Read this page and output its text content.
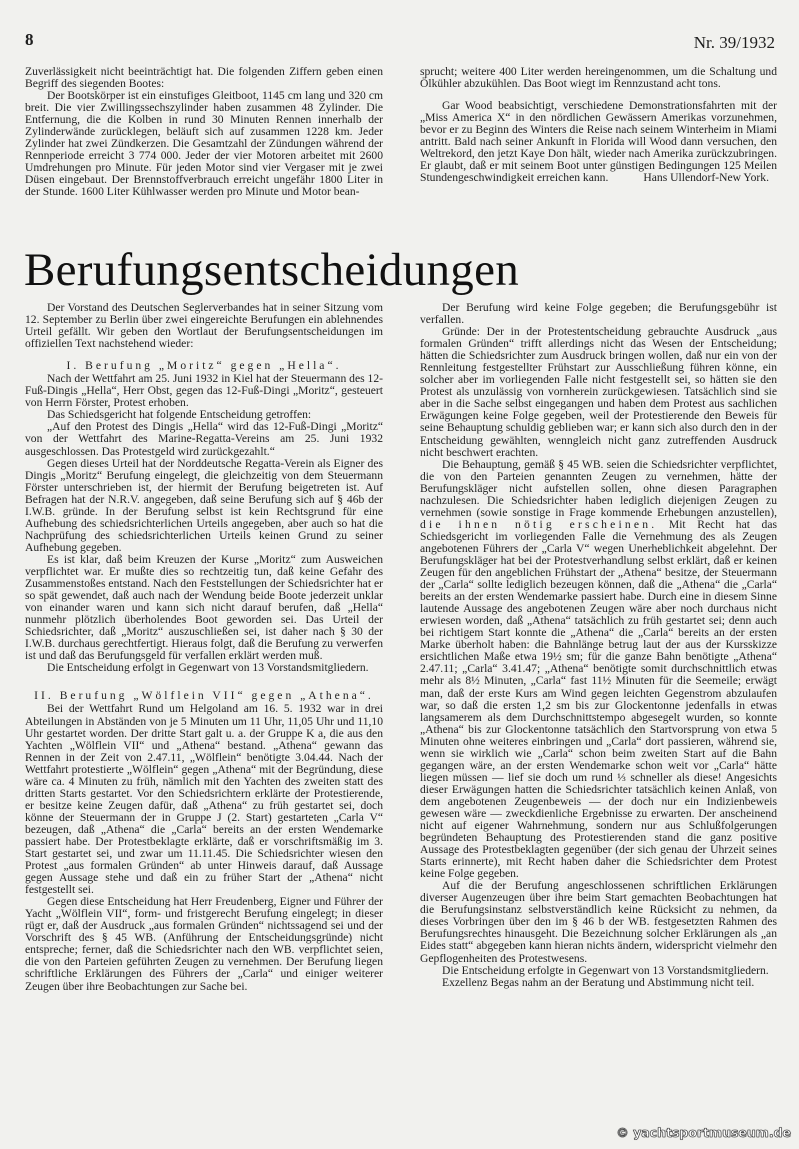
8	Nr. 39/1932

Zuverlässigkeit nicht beeinträchtigt hat. Die folgenden Ziffern geben einen Begriff des siegenden Bootes:

Der Bootskörper ist ein einstufiges Gleitboot, 1145 cm lang und 320 cm breit. Die vier Zwillingssechszylinder haben zusammen 48 Zylinder. Die Entfernung, die die Kolben in rund 30 Minuten Rennen innerhalb der Zylinderwände zurücklegen, beläuft sich auf zusammen 1228 km. Jeder Zylinder hat zwei Zündkerzen. Die Gesamtzahl der Zündungen während der Rennperiode erreicht 3 774 000. Jeder der vier Motoren arbeitet mit 2600 Umdrehungen pro Minute. Für jeden Motor sind vier Vergaser mit je zwei Düsen eingebaut. Der Brennstoffverbrauch erreicht ungefähr 1800 Liter in der Stunde. 1600 Liter Kühlwasser werden pro Minute und Motor bean-

sprucht; weitere 400 Liter werden hereingenommen, um die Schaltung und Ölkühler abzukühlen. Das Boot wiegt im Rennzustand acht tons.

Gar Wood beabsichtigt, verschiedene Demonstrationsfahrten mit der „Miss America X“ in den nördlichen Gewässern Amerikas vorzunehmen, bevor er zu Beginn des Winters die Reise nach seinem Winterheim in Miami antritt. Bald nach seiner Ankunft in Florida will Wood dann versuchen, den Weltrekord, den jetzt Kaye Don hält, wieder nach Amerika zurückzubringen. Er glaubt, daß er mit seinem Boot unter günstigen Bedingungen 125 Meilen Stundengeschwindigkeit erreichen kann.	Hans Ullendorf-New York.

Berufungsentscheidungen

Der Vorstand des Deutschen Seglerverbandes hat in seiner Sitzung vom 12. September zu Berlin über zwei eingereichte Berufungen ein ablehnendes Urteil gefällt. Wir geben den Wortlaut der Berufungsentscheidungen im offiziellen Text nachstehend wieder:

I. Berufung „Moritz“ gegen „Hella“.

Nach der Wettfahrt am 25. Juni 1932 in Kiel hat der Steuermann des 12-Fuß-Dingis „Hella“, Herr Obst, gegen das 12-Fuß-Dingi „Moritz“, gesteuert von Herrn Förster, Protest erhoben.

Das Schiedsgericht hat folgende Entscheidung getroffen:

„Auf den Protest des Dingis „Hella“ wird das 12-Fuß-Dingi „Moritz“ von der Wettfahrt des Marine-Regatta-Vereins am 25. Juni 1932 ausgeschlossen. Das Protestgeld wird zurückgezahlt.“

Gegen dieses Urteil hat der Norddeutsche Regatta-Verein als Eigner des Dingis „Moritz“ Berufung eingelegt, die gleichzeitig von dem Steuermann Förster unterschrieben ist, der hiermit der Berufung beigetreten ist. Auf Befragen hat der N.R.V. angegeben, daß seine Berufung sich auf § 46b der I.W.B. gründe. In der Berufung selbst ist kein Rechtsgrund für eine Aufhebung des schiedsrichterlichen Urteils angegeben, aber auch so hat die Nachprüfung des schiedsrichterlichen Urteils keinen Grund zu seiner Aufhebung gegeben.

Es ist klar, daß beim Kreuzen der Kurse „Moritz“ zum Ausweichen verpflichtet war. Er mußte dies so rechtzeitig tun, daß keine Gefahr des Zusammenstoßes entstand. Nach den Feststellungen der Schiedsrichter hat er so spät gewendet, daß auch nach der Wendung beide Boote jederzeit unklar von einander waren und kann sich nicht darauf berufen, daß „Hella“ nunmehr plötzlich überholendes Boot geworden sei. Das Urteil der Schiedsrichter, daß „Moritz“ auszuschließen sei, ist daher nach § 30 der I.W.B. durchaus gerechtfertigt. Hieraus folgt, daß die Berufung zu verwerfen ist und daß das Berufungsgeld für verfallen erklärt werden muß.

Die Entscheidung erfolgt in Gegenwart von 13 Vorstandsmitgliedern.

II. Berufung „Wölflein VII“ gegen „Athena“.

Bei der Wettfahrt Rund um Helgoland am 16. 5. 1932 war in drei Abteilungen in Abständen von je 5 Minuten um 11 Uhr, 11,05 Uhr und 11,10 Uhr gestartet worden. Der dritte Start galt u. a. der Gruppe K a, die aus den Yachten „Wölflein VII“ und „Athena“ bestand. „Athena“ gewann das Rennen in der Zeit von 2.47.11, „Wölflein“ benötigte 3.04.44. Nach der Wettfahrt protestierte „Wölflein“ gegen „Athena“ mit der Begründung, diese wäre ca. 4 Minuten zu früh, nämlich mit den Yachten des zweiten statt des dritten Starts gestartet. Vor den Schiedsrichtern erklärte der Protestierende, er besitze keine Zeugen dafür, daß „Athena“ zu früh gestartet sei, doch könne der Steuermann der in Gruppe J (2. Start) gestarteten „Carla V“ bezeugen, daß „Athena“ die „Carla“ bereits an der ersten Wendemarke passiert habe. Der Protestbeklagte erklärte, daß er vorschriftsmäßig im 3. Start gestartet sei, und zwar um 11.11.45. Die Schiedsrichter wiesen den Protest „aus formalen Gründen“ ab unter Hinweis darauf, daß Aussage gegen Aussage stehe und daß ein zu früher Start der „Athena“ nicht festgestellt sei.

Gegen diese Entscheidung hat Herr Freudenberg, Eigner und Führer der Yacht „Wölflein VII“, form- und fristgerecht Berufung eingelegt; in dieser rügt er, daß der Ausdruck „aus formalen Gründen“ nichtssagend sei und der Vorschrift des § 45 WB. (Anführung der Entscheidungsgründe) nicht entspreche; ferner, daß die Schiedsrichter nach den WB. verpflichtet seien, die von den Parteien geführten Zeugen zu vernehmen. Der Berufung liegen schriftliche Erklärungen des Führers der „Carla“ und einiger weiterer Zeugen über ihre Beobachtungen zur Sache bei.

Der Berufung wird keine Folge gegeben; die Berufungsgebühr ist verfallen.

Gründe: Der in der Protestentscheidung gebrauchte Ausdruck „aus formalen Gründen“ trifft allerdings nicht das Wesen der Entscheidung; hätten die Schiedsrichter zum Ausdruck bringen wollen, daß nur ein von der Rennleitung festgestellter Frühstart zur Ausschließung führen könne, ein solcher aber im vorliegenden Falle nicht festgestellt sei, so hätten sie den Protest als unzulässig von vornherein zurückgewiesen. Tatsächlich sind sie aber in die Sache selbst eingegangen und haben dem Protest aus sachlichen Erwägungen keine Folge gegeben, weil der Protestierende den Beweis für seine Behauptung schuldig geblieben war; er kann sich also durch den in der Entscheidung gewählten, wenngleich nicht ganz zutreffenden Ausdruck nicht beschwert erachten.

Die Behauptung, gemäß § 45 WB. seien die Schiedsrichter verpflichtet, die von den Parteien genannten Zeugen zu vernehmen, hätte der Berufungskläger nicht aufstellen sollen, ohne diesen Paragraphen nachzulesen. Die Schiedsrichter haben lediglich diejenigen Zeugen zu vernehmen (sowie sonstige in Frage kommende Erhebungen anzustellen), die ihnen nötig erscheinen. Mit Recht hat das Schiedsgericht im vorliegenden Falle die Vernehmung des als Zeugen angebotenen Führers der „Carla V“ wegen Unerheblichkeit abgelehnt. Der Berufungskläger hat bei der Protestverhandlung selbst erklärt, daß er keinen Zeugen für den angeblichen Frühstart der „Athena“ besitze, der Steuermann der „Carla“ sollte lediglich bezeugen können, daß die „Athena“ die „Carla“ bereits an der ersten Wendemarke passiert habe. Durch eine in diesem Sinne lautende Aussage des angebotenen Zeugen wäre aber noch durchaus nicht erwiesen worden, daß „Athena“ tatsächlich zu früh gestartet sei; denn auch bei richtigem Start konnte die „Athena“ die „Carla“ bereits an der ersten Marke überholt haben: die Bahnlänge betrug laut der aus der Kursskizze ersichtlichen Maße etwa 19½ sm; für die ganze Bahn benötigte „Athena“ 2.47.11; „Carla“ 3.41.47; „Athena“ benötigte somit durchschnittlich etwas mehr als 8½ Minuten, „Carla“ fast 11½ Minuten für die Seemeile; erwägt man, daß der erste Kurs am Wind gegen leichten Gegenstrom abzulaufen war, so daß die ersten 1,2 sm bis zur Glockentonne jedenfalls in etwas langsamerem als dem Durchschnittstempo abgesegelt wurden, so konnte „Athena“ bis zur Glockentonne tatsächlich den Startvorsprung von etwa 5 Minuten ohne weiteres einbringen und „Carla“ dort passieren, während sie, wenn sie wirklich wie „Carla“ schon beim zweiten Start auf die Bahn gegangen wäre, an der ersten Wendemarke schon weit vor „Carla“ hätte liegen müssen — lief sie doch um rund ⅓ schneller als diese! Angesichts dieser Erwägungen hatten die Schiedsrichter tatsächlich keinen Anlaß, von dem angebotenen Zeugenbeweis — der doch nur ein Indizienbeweis gewesen wäre — zweckdienliche Ergebnisse zu erwarten. Der anscheinend nicht auf eigener Wahrnehmung, sondern nur aus Schlußfolgerungen begründeten Behauptung des Protestierenden stand die ganz positive Aussage des Protestbeklagten gegenüber (der sich genau der Uhrzeit seines Starts erinnerte), mit Recht haben daher die Schiedsrichter dem Protest keine Folge gegeben.

Auf die der Berufung angeschlossenen schriftlichen Erklärungen diverser Augenzeugen über ihre beim Start gemachten Beobachtungen hat die Berufungsinstanz selbstverständlich keine Rücksicht zu nehmen, da dieses Vorbringen über den im § 46 b der WB. festgesetzten Rahmen des Berufungsrechtes hinausgeht. Die Bezeichnung solcher Erklärungen als „an Eides statt“ abgegeben kann hieran nichts ändern, widerspricht vielmehr den Gepflogenheiten des Protestwesens.

Die Entscheidung erfolgte in Gegenwart von 13 Vorstandsmitgliedern.

Exzellenz Begas nahm an der Beratung und Abstimmung nicht teil.

© yachtsportmuseum.de
